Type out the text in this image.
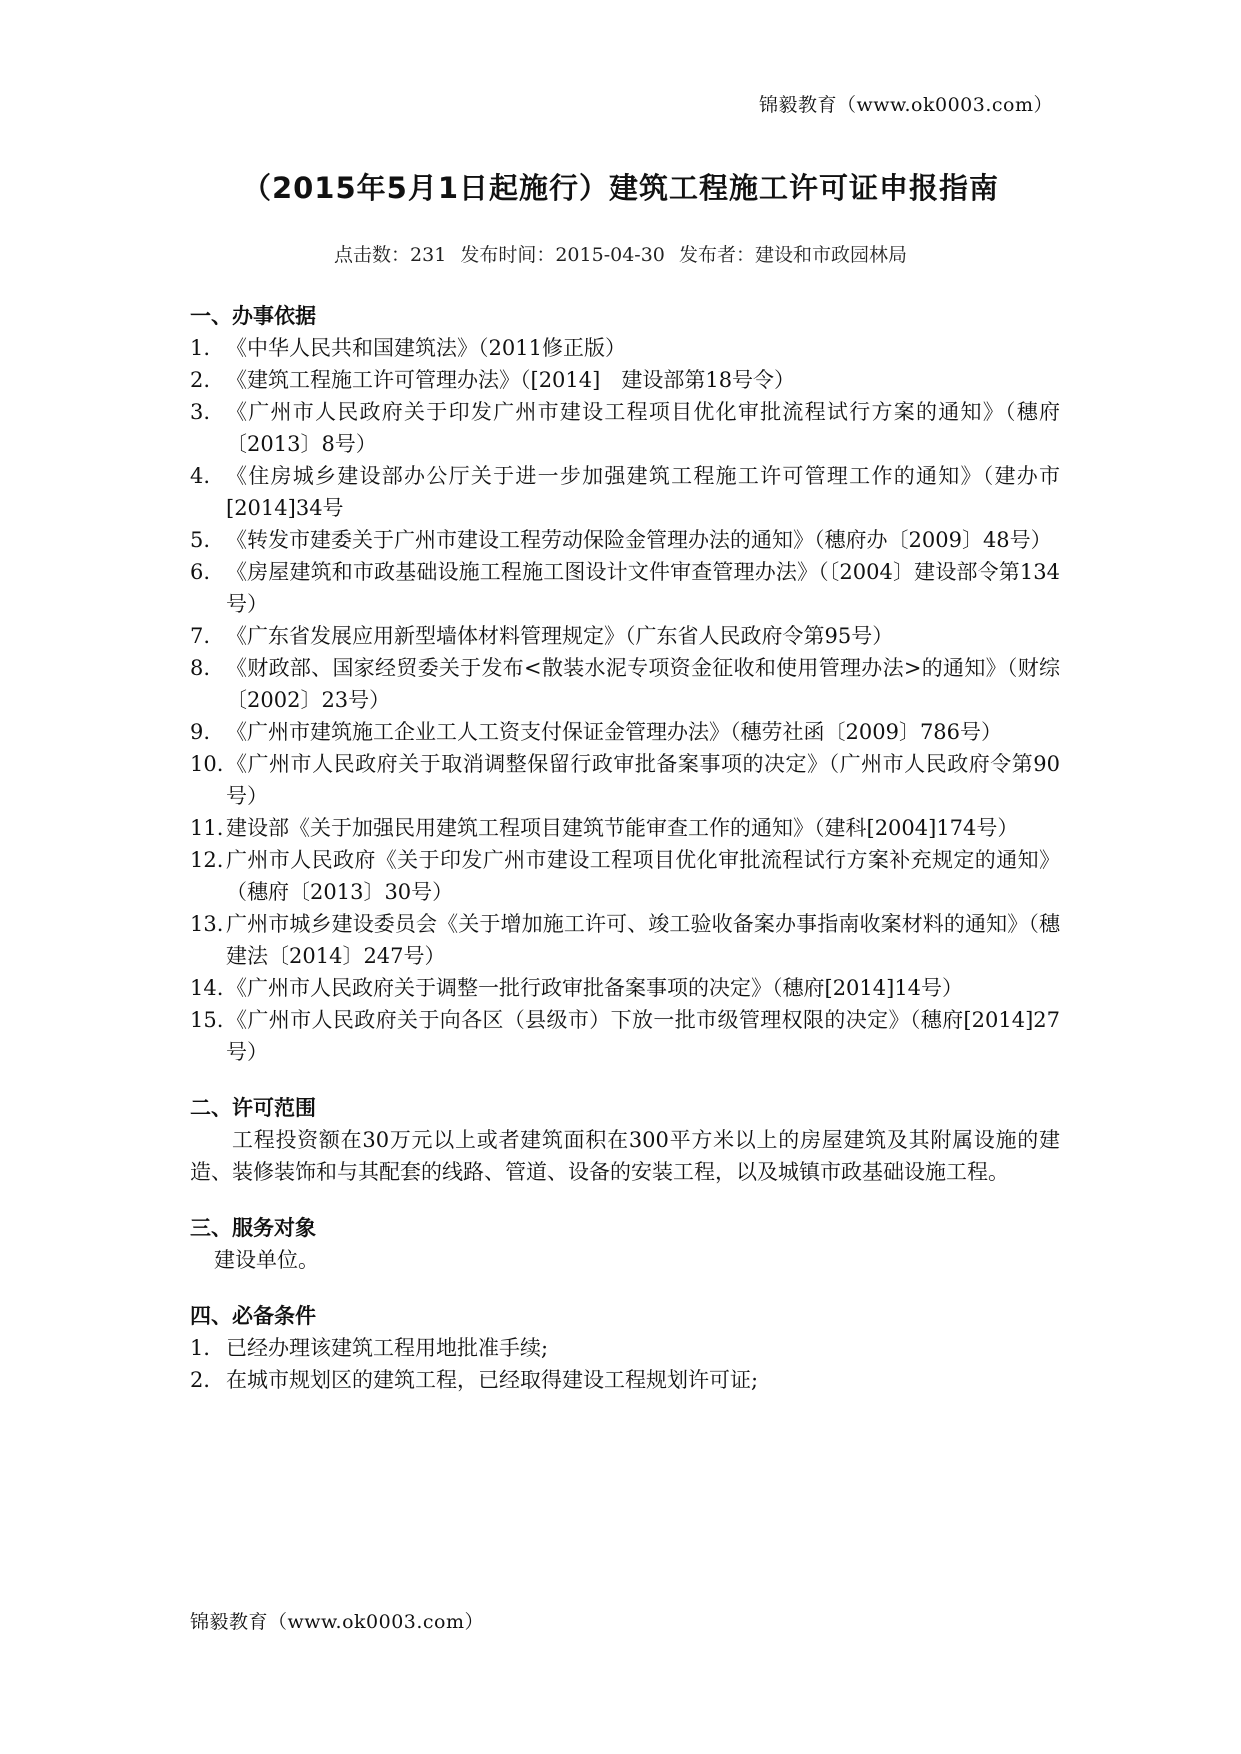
锦毅教育（www.ok0003.com）
（2015年5月1日起施行）建筑工程施工许可证申报指南
点击数：231 发布时间：2015-04-30 发布者：建设和市政园林局
一、办事依据
1. 《中华人民共和国建筑法》（2011修正版）
2. 《建筑工程施工许可管理办法》（[2014]　建设部第18号令）
3. 《广州市人民政府关于印发广州市建设工程项目优化审批流程试行方案的通知》（穗府〔2013〕8号）
4. 《住房城乡建设部办公厅关于进一步加强建筑工程施工许可管理工作的通知》（建办市[2014]34号
5. 《转发市建委关于广州市建设工程劳动保险金管理办法的通知》（穗府办〔2009〕48号）
6. 《房屋建筑和市政基础设施工程施工图设计文件审查管理办法》（〔2004〕建设部令第134号）
7. 《广东省发展应用新型墙体材料管理规定》（广东省人民政府令第95号）
8. 《财政部、国家经贸委关于发布<散装水泥专项资金征收和使用管理办法>的通知》（财综〔2002〕23号）
9. 《广州市建筑施工企业工人工资支付保证金管理办法》（穗劳社函〔2009〕786号）
10. 《广州市人民政府关于取消调整保留行政审批备案事项的决定》（广州市人民政府令第90号）
11. 建设部《关于加强民用建筑工程项目建筑节能审查工作的通知》（建科[2004]174号）
12. 广州市人民政府《关于印发广州市建设工程项目优化审批流程试行方案补充规定的通知》（穗府〔2013〕30号）
13. 广州市城乡建设委员会《关于增加施工许可、竣工验收备案办事指南收案材料的通知》（穗建法〔2014〕247号）
14. 《广州市人民政府关于调整一批行政审批备案事项的决定》（穗府[2014]14号）
15. 《广州市人民政府关于向各区（县级市）下放一批市级管理权限的决定》（穗府[2014]27号）
二、许可范围

工程投资额在30万元以上或者建筑面积在300平方米以上的房屋建筑及其附属设施的建造、装修装饰和与其配套的线路、管道、设备的安装工程，以及城镇市政基础设施工程。

三、服务对象

建设单位。

四、必备条件
1． 已经办理该建筑工程用地批准手续;
2． 在城市规划区的建筑工程，已经取得建设工程规划许可证;
锦毅教育（www.ok0003.com）
